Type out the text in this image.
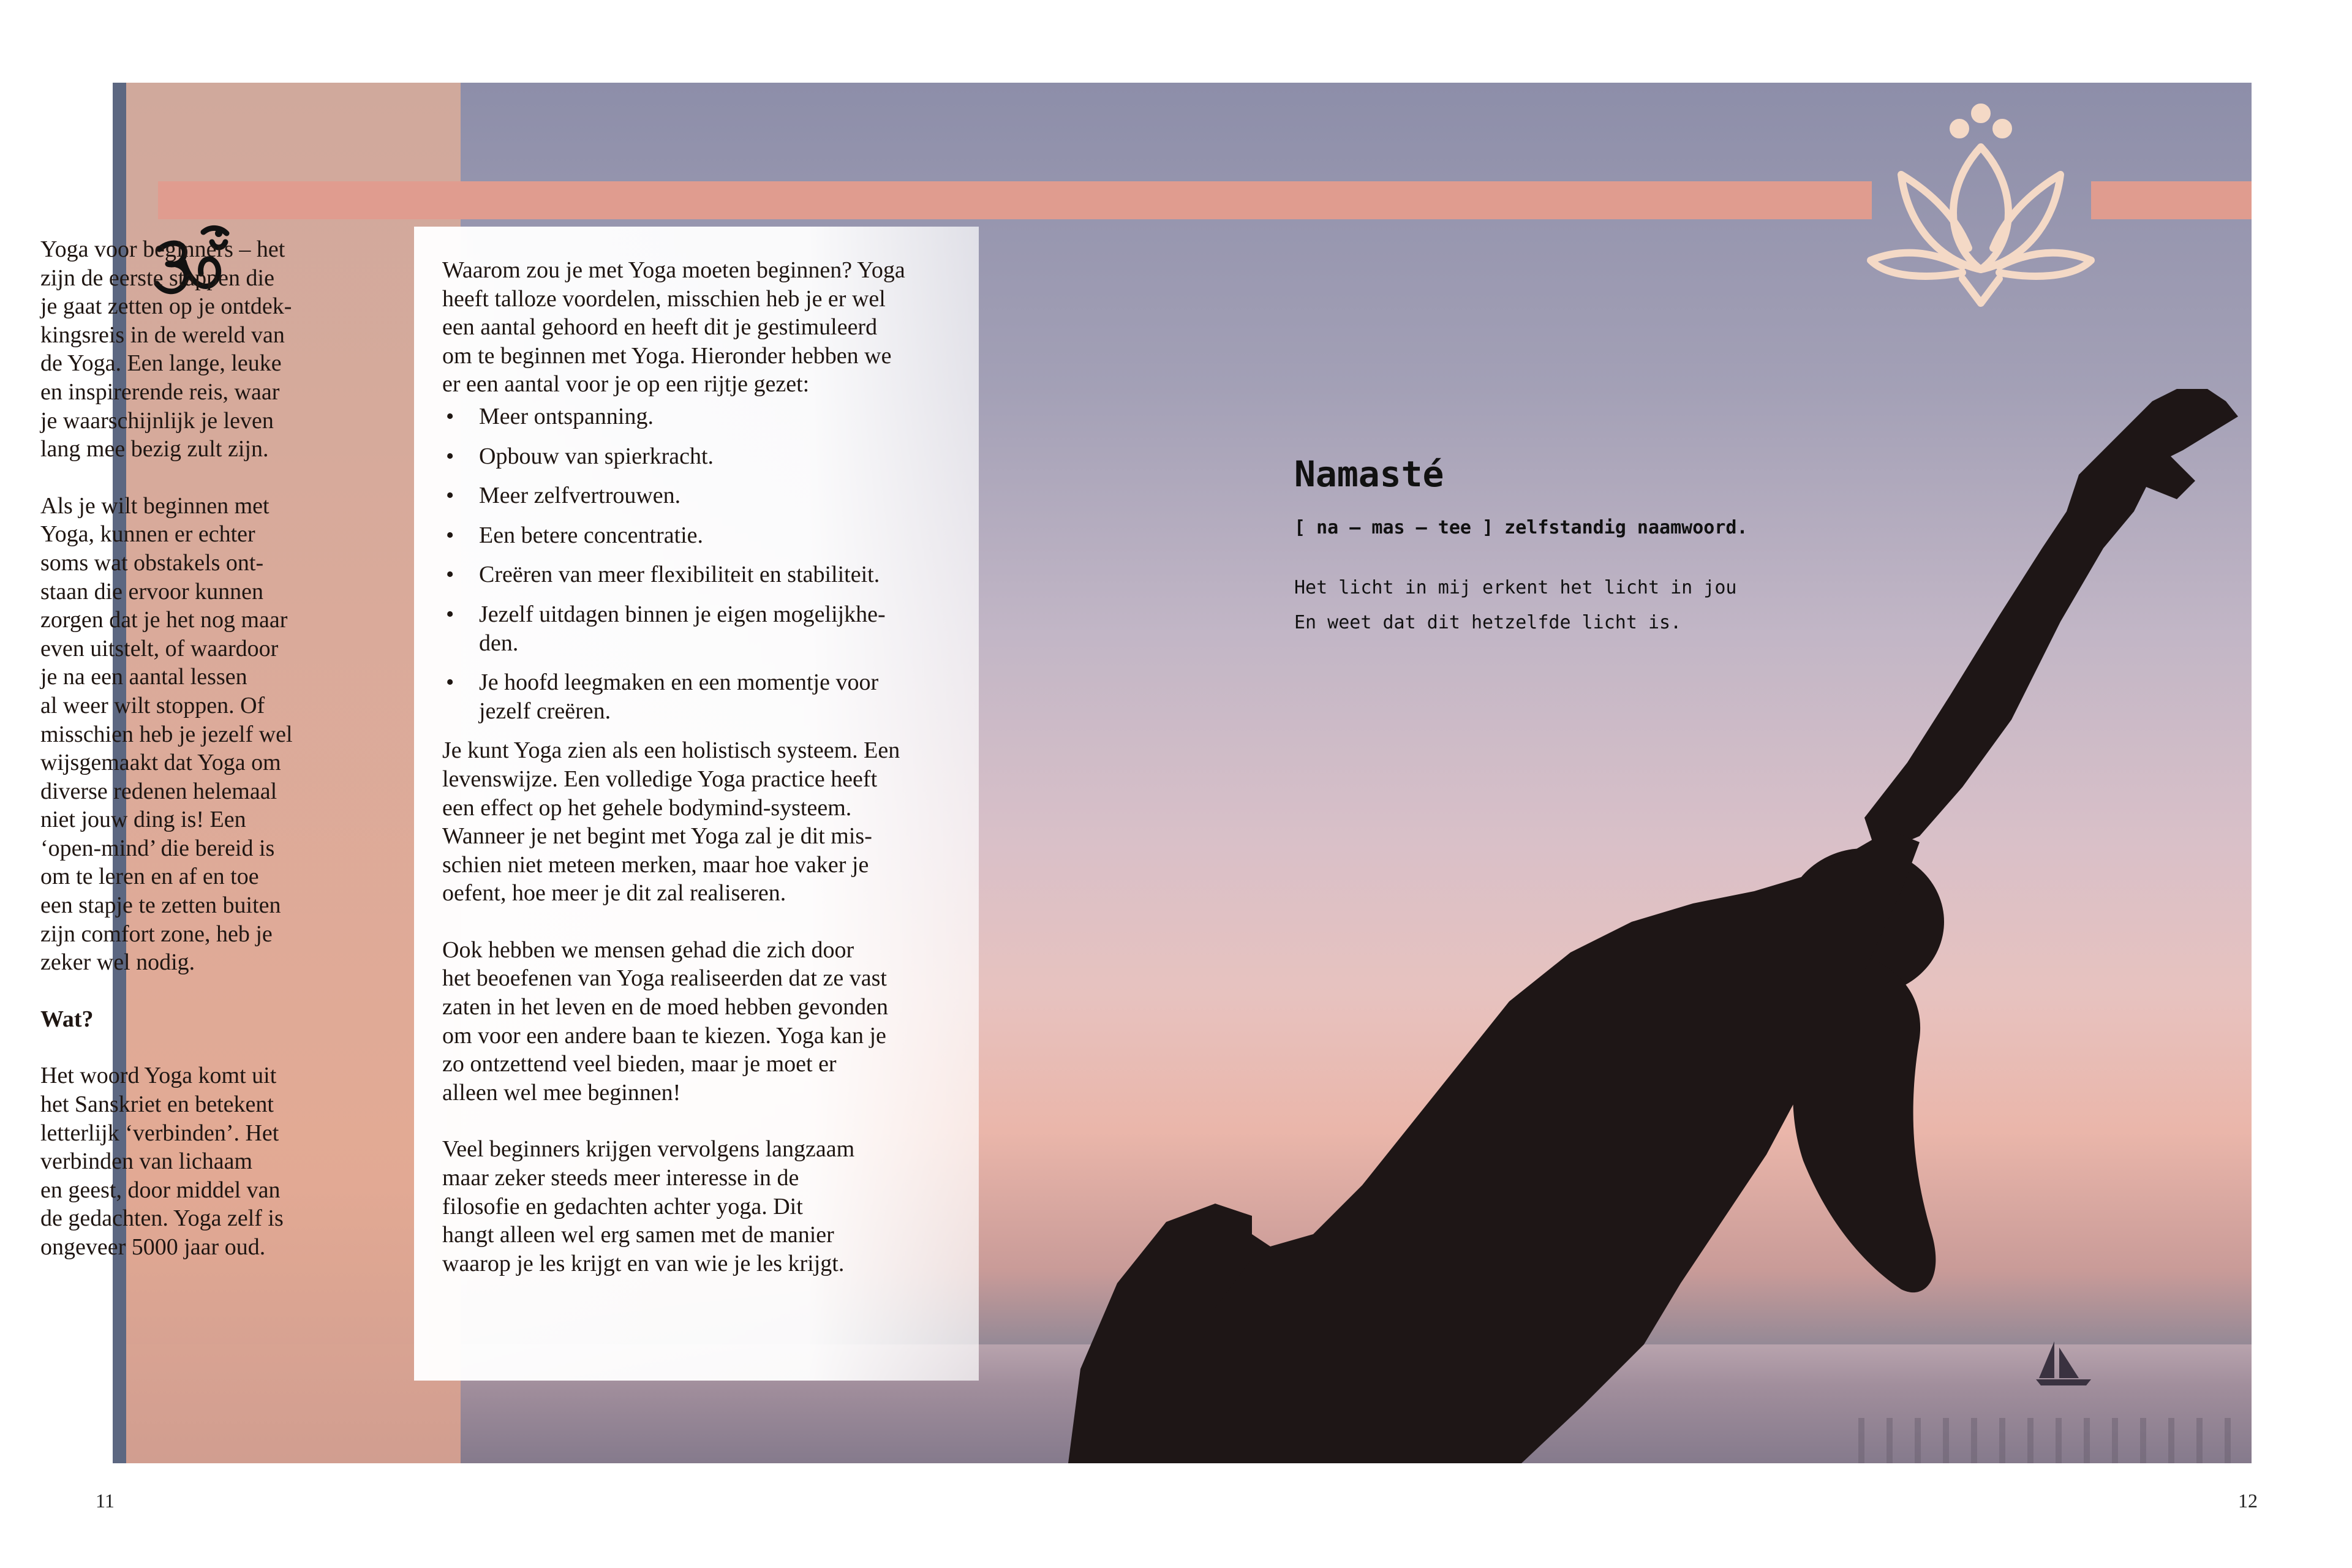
Yoga voor beginners – het
zijn de eerste stappen die
je gaat zetten op je ontdek-
kingsreis in de wereld van
de Yoga. Een lange, leuke
en inspirerende reis, waar
je waarschijnlijk je leven
lang mee bezig zult zijn.

Als je wilt beginnen met
Yoga, kunnen er echter
soms wat obstakels ont-
staan die ervoor kunnen
zorgen dat je het nog maar
even uitstelt, of waardoor
je na een aantal lessen
al weer wilt stoppen. Of
misschien heb je jezelf wel
wijsgemaakt dat Yoga om
diverse redenen helemaal
niet jouw ding is! Een
‘open-mind’ die bereid is
om te leren en af en toe
een stapje te zetten buiten
zijn comfort zone, heb je
zeker wel nodig.

Wat?

Het woord Yoga komt uit
het Sanskriet en betekent
letterlijk ‘verbinden’. Het
verbinden van lichaam
en geest, door middel van
de gedachten. Yoga zelf is
ongeveer 5000 jaar oud.

Waarom zou je met Yoga moeten beginnen? Yoga
heeft talloze voordelen, misschien heb je er wel
een aantal gehoord en heeft dit je gestimuleerd
om te beginnen met Yoga. Hieronder hebben we
er een aantal voor je op een rijtje gezet:

• Meer ontspanning.
• Opbouw van spierkracht.
• Meer zelfvertrouwen.
• Een betere concentratie.
• Creëren van meer flexibiliteit en stabiliteit.
• Jezelf uitdagen binnen je eigen mogelijkhe-
den.
• Je hoofd leegmaken en een momentje voor
jezelf creëren.

Je kunt Yoga zien als een holistisch systeem. Een
levenswijze. Een volledige Yoga practice heeft
een effect op het gehele bodymind-systeem.
Wanneer je net begint met Yoga zal je dit mis-
schien niet meteen merken, maar hoe vaker je
oefent, hoe meer je dit zal realiseren.

Ook hebben we mensen gehad die zich door
het beoefenen van Yoga realiseerden dat ze vast
zaten in het leven en de moed hebben gevonden
om voor een andere baan te kiezen. Yoga kan je
zo ontzettend veel bieden, maar je moet er
alleen wel mee beginnen!

Veel beginners krijgen vervolgens langzaam
maar zeker steeds meer interesse in de
filosofie en gedachten achter yoga. Dit
hangt alleen wel erg samen met de manier
waarop je les krijgt en van wie je les krijgt.

Namasté

[ na – mas – tee ] zelfstandig naamwoord.

Het licht in mij erkent het licht in jou

En weet dat dit hetzelfde licht is.

11	12
